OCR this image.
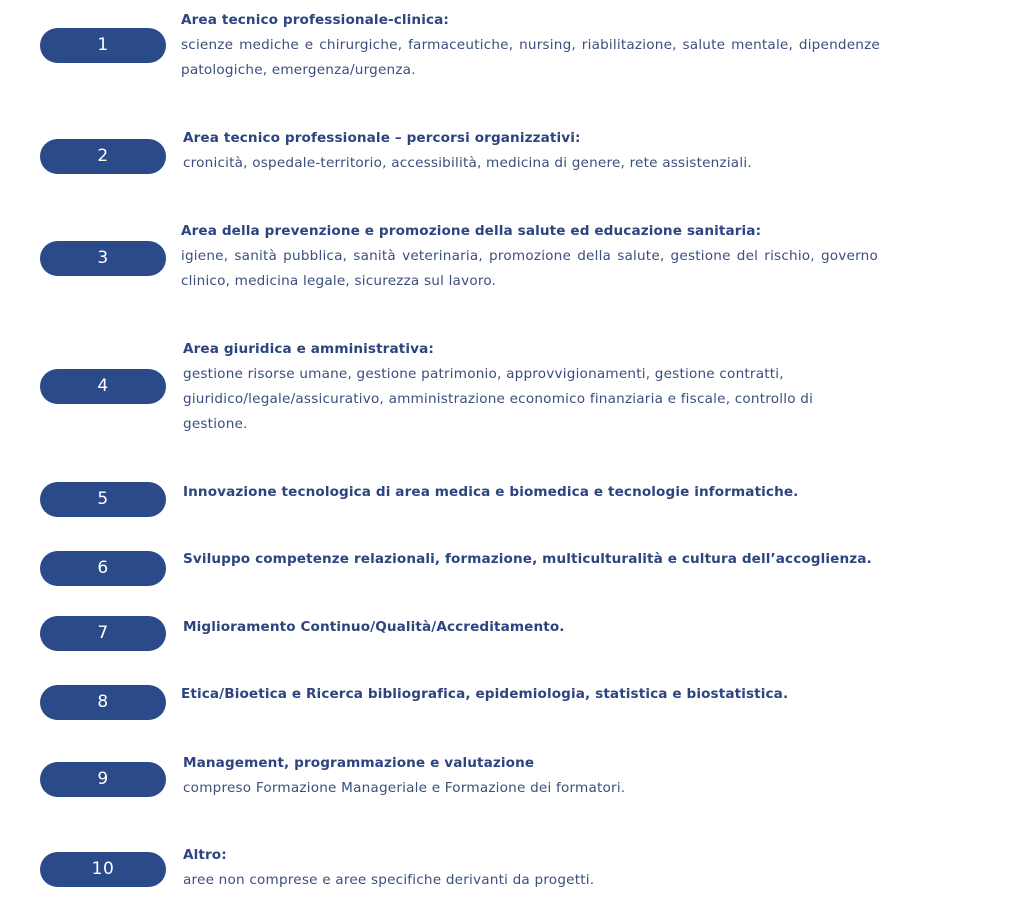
1
Area tecnico professionale-clinica:
scienze mediche e chirurgiche, farmaceutiche, nursing, riabilitazione, salute mentale, dipendenze patologiche, emergenza/urgenza.
2
Area tecnico professionale – percorsi organizzativi:
cronicità, ospedale-territorio, accessibilità, medicina di genere, rete assistenziali.
3
Area della prevenzione e promozione della salute ed educazione sanitaria:
igiene, sanità pubblica, sanità veterinaria, promozione della salute, gestione del rischio, governo clinico, medicina legale, sicurezza sul lavoro.
4
Area giuridica e amministrativa:
gestione risorse umane, gestione patrimonio, approvvigionamenti, gestione contratti, giuridico/legale/assicurativo, amministrazione economico finanziaria e fiscale, controllo di gestione.
5	Innovazione tecnologica di area medica e biomedica e tecnologie informatiche.
6	Sviluppo competenze relazionali, formazione, multiculturalità e cultura dell’accoglienza.
7	Miglioramento Continuo/Qualità/Accreditamento.
8	Etica/Bioetica e Ricerca bibliografica, epidemiologia, statistica e biostatistica.
9
Management, programmazione e valutazione
compreso Formazione Manageriale e Formazione dei formatori.
10
Altro:
aree non comprese e aree specifiche derivanti da progetti.
